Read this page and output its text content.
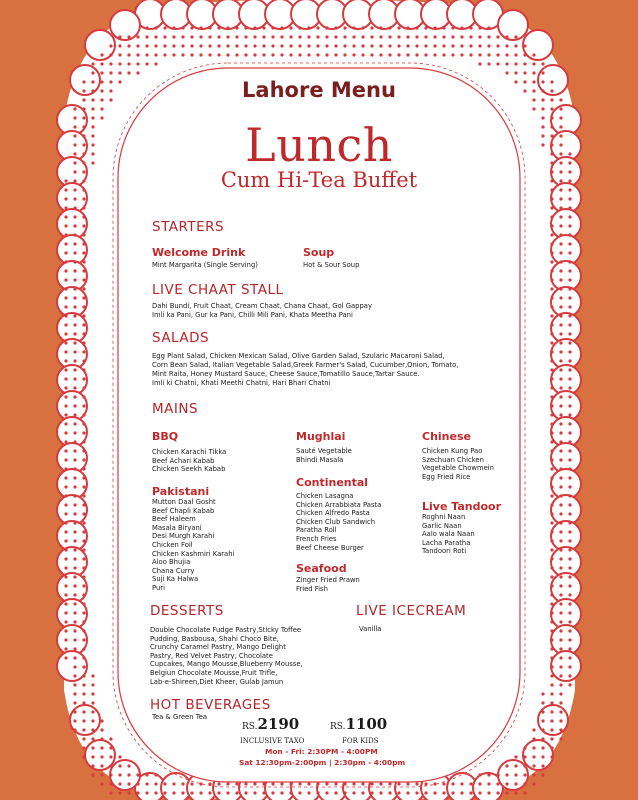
Lahore Menu
Lunch
Cum Hi-Tea Buffet
STARTERS
Welcome Drink
Mint Margarita (Single Serving)
Soup
Hot & Sour Soup
LIVE CHAAT STALL
Dahi Bundi, Fruit Chaat, Cream Chaat, Chana Chaat, Gol Gappay
Imli ka Pani, Gur ka Pani, Chilli Mili Pani, Khata Meetha Pani
SALADS
Egg Plant Salad, Chicken Mexican Salad, Olive Garden Salad, Szularic Macaroni Salad,
Corn Bean Salad, Italian Vegetable Salad,Greek Farmer's Salad, Cucumber,Onion, Tomato,
Mint Raita, Honey Mustard Sauce, Cheese Sauce,Tomatillo Sauce,Tartar Sauce.
Imli ki Chatni, Khati Meethi Chatni, Hari Bhari Chatni
MAINS
BBQ
Chicken Karachi Tikka
Beef Achari Kabab
Chicken Seekh Kabab
Pakistani
Mutton Daal Gosht
Beef Chapli Kabab
Beef Haleem
Masala Biryani
Desi Murgh Karahi
Chicken Foil
Chicken Kashmiri Karahi
Aloo Bhujia
Chana Curry
Suji Ka Halwa
Puri
Mughlai
Sauté Vegetable
Bhindi Masala
Continental
Chicken Lasagna
Chicken Arrabbiata Pasta
Chicken Alfredo Pasta
Chicken Club Sandwich
Paratha Roll
French Fries
Beef Cheese Burger
Seafood
Zinger Fried Prawn
Fried Fish
Chinese
Chicken Kung Pao
Szechuan Chicken
Vegetable Chowmein
Egg Fried Rice
Live Tandoor
Roghni Naan
Garlic Naan
Aalo wala Naan
Lacha Paratha
Tandoori Roti
DESSERTS
Double Chocolate Fudge Pastry,Sticky Toffee
Pudding, Basbousa, Shahi Choco Bite,
Crunchy Caramel Pastry, Mango Delight
Pastry, Red Velvet Pastry, Chocolate
Cupcakes, Mango Mousse,Blueberry Mousse,
Belgiun Chocolate Mousse,Fruit Trifle,
Lab-e-Shireen,Diet Kheer, Gulab Jamun
LIVE ICECREAM
Vanilla
HOT BEVERAGES
Tea & Green Tea
RS.2190
INCLUSIVE TAXO
RS.1100
FOR KIDS
Mon - Fri: 2:30PM - 4:00PM
Sat 12:30pm-2:00pm | 2:30pm - 4:00pm
